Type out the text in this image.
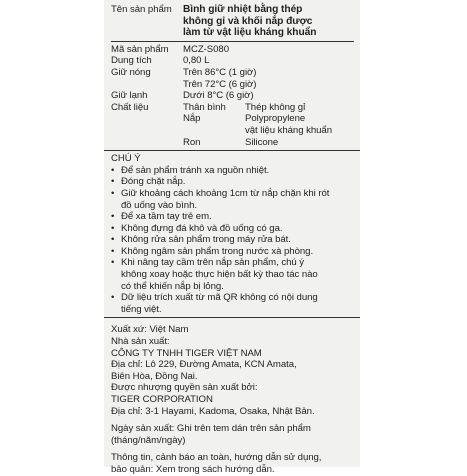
Tên sản phẩm	Bình giữ nhiệt bằng thép
không gỉ và khối nắp được
làm từ vật liệu kháng khuẩn
Mã sản phẩm	MCZ-S080
Dung tích	0,80 L
Giữ nóng	Trên 86°C (1 giờ)
Trên 72°C (6 giờ)
Giữ lạnh	Dưới 8°C (6 giờ)
Chất liệu	Thân bình	Thép không gỉ
Nắp	Polypropylene
vật liệu kháng khuẩn
Ron	Silicone
CHÚ Ý
• Để sản phẩm tránh xa nguồn nhiệt.
• Đóng chặt nắp.
• Giữ khoảng cách khoảng 1cm từ nắp chặn khi rót
đồ uống vào bình.
• Để xa tầm tay trẻ em.
• Không đựng đá khô và đồ uống có ga.
• Không rửa sản phẩm trong máy rửa bát.
• Không ngâm sản phẩm trong nước xà phòng.
• Khi nâng tay cầm trên nắp sản phẩm, chú ý
không xoay hoặc thực hiện bất kỳ thao tác nào
có thể khiến nắp bị lỏng.
• Dữ liệu trích xuất từ mã QR không có nội dung
tiếng việt.

Xuất xứ: Việt Nam

Nhà sản xuất:

CÔNG TY TNHH TIGER VIỆT NAM

Địa chỉ: Lô 229, Đường Amata, KCN Amata,

Biên Hòa, Đồng Nai.

Được nhượng quyền sản xuất bởi:

TIGER CORPORATION

Địa chỉ: 3-1 Hayami, Kadoma, Osaka, Nhật Bản.

Ngày sản xuất: Ghi trên tem dán trên sản phẩm

(tháng/năm/ngày)

Thông tin, cảnh báo an toàn, hướng dẫn sử dụng,

bảo quản: Xem trong sách hướng dẫn.
